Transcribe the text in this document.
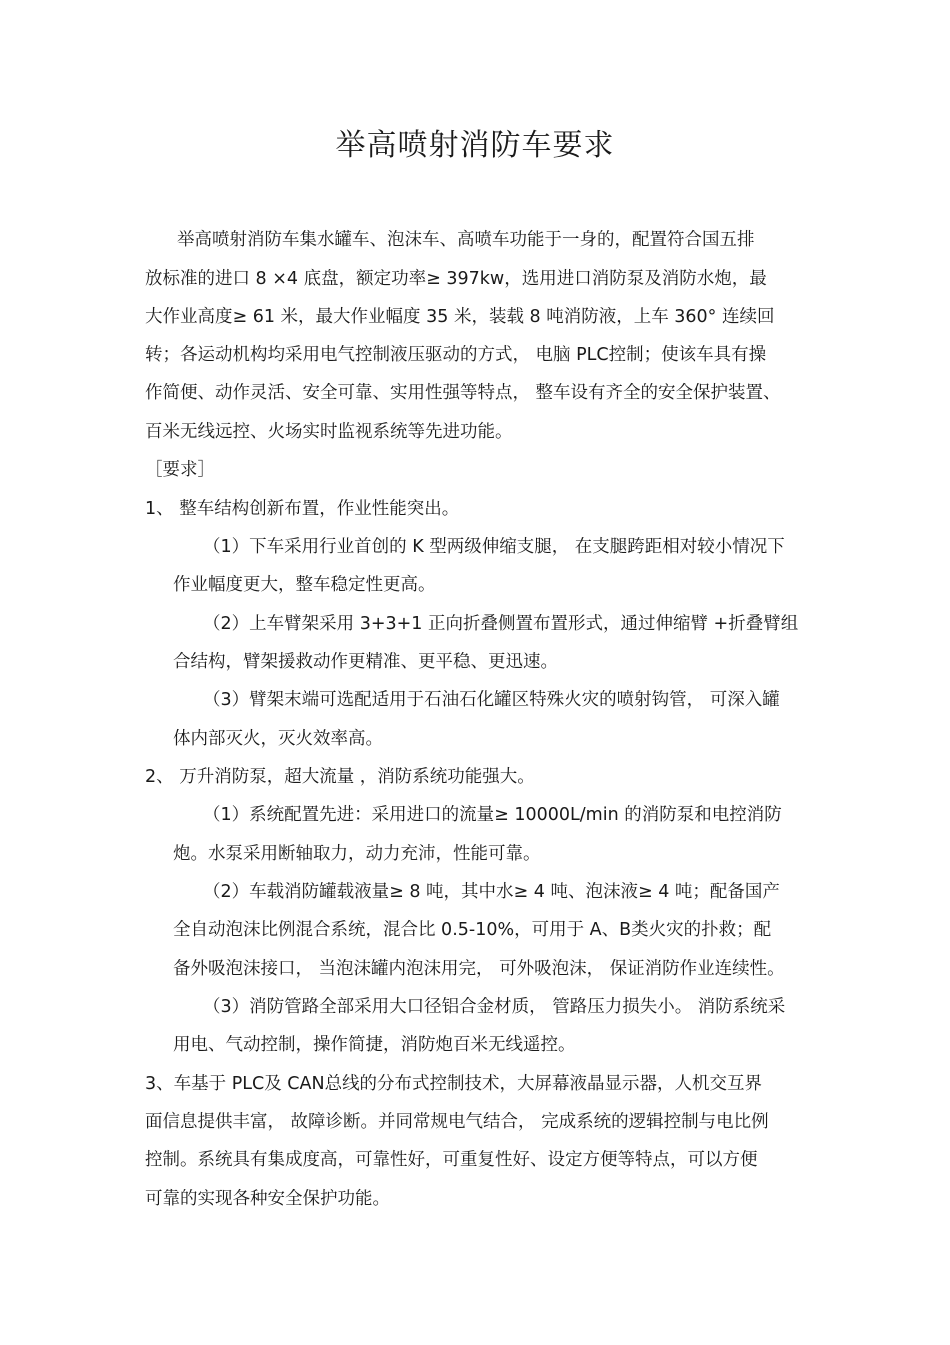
举高喷射消防车要求
举高喷射消防车集水罐车、泡沫车、高喷车功能于一身的，配置符合国五排
放标准的进口 8 ×4 底盘，额定功率≥ 397kw，选用进口消防泵及消防水炮，最
大作业高度≥ 61 米，最大作业幅度 35 米，装载 8 吨消防液，上车 360° 连续回
转；各运动机构均采用电气控制液压驱动的方式， 电脑 PLC控制；使该车具有操
作简便、动作灵活、安全可靠、实用性强等特点， 整车设有齐全的安全保护装置、
百米无线远控、火场实时监视系统等先进功能。
［要求］
1、 整车结构创新布置，作业性能突出。
（1）下车采用行业首创的 K 型两级伸缩支腿， 在支腿跨距相对较小情况下
作业幅度更大，整车稳定性更高。
（2）上车臂架采用 3+3+1 正向折叠侧置布置形式，通过伸缩臂 +折叠臂组
合结构，臂架援救动作更精准、更平稳、更迅速。
（3）臂架末端可选配适用于石油石化罐区特殊火灾的喷射钩管， 可深入罐
体内部灭火，灭火效率高。
2、 万升消防泵，超大流量 ，消防系统功能强大。
（1）系统配置先进：采用进口的流量≥ 10000L/min 的消防泵和电控消防
炮。水泵采用断轴取力，动力充沛，性能可靠。
（2）车载消防罐载液量≥ 8 吨，其中水≥ 4 吨、泡沫液≥ 4 吨；配备国产
全自动泡沫比例混合系统，混合比 0.5-10%，可用于 A、B类火灾的扑救；配
备外吸泡沫接口， 当泡沫罐内泡沫用完， 可外吸泡沫， 保证消防作业连续性。
（3）消防管路全部采用大口径铝合金材质， 管路压力损失小。 消防系统采
用电、气动控制，操作简捷，消防炮百米无线遥控。
3、车基于 PLC及 CAN总线的分布式控制技术，大屏幕液晶显示器，人机交互界
面信息提供丰富， 故障诊断。并同常规电气结合， 完成系统的逻辑控制与电比例
控制。系统具有集成度高，可靠性好，可重复性好、设定方便等特点，可以方便
可靠的实现各种安全保护功能。
